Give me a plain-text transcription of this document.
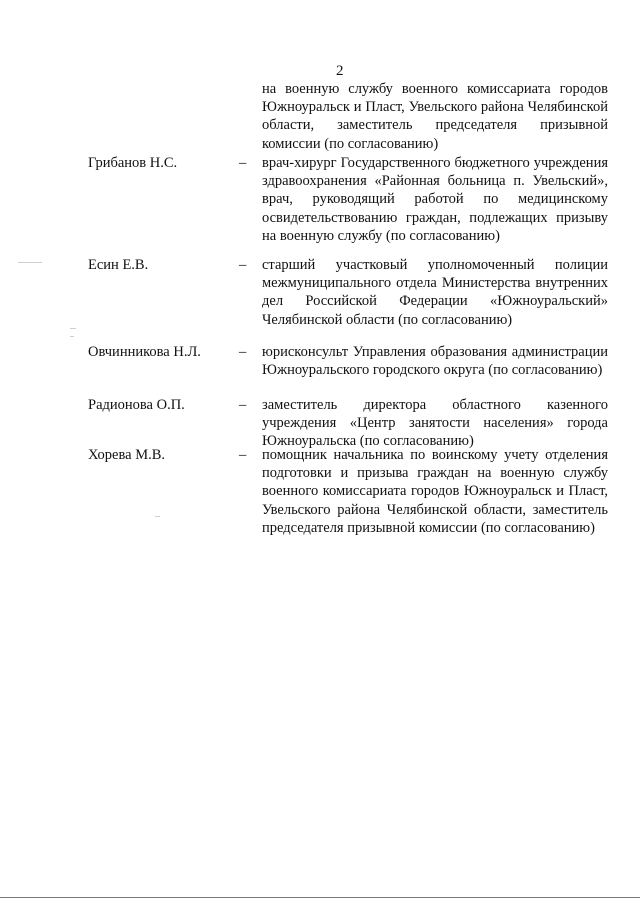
2
на военную службу военного комиссариата городов Южноуральск и Пласт, Увельского района Челябинской области, заместитель председателя призывной комиссии (по согласованию)
Грибанов Н.С.	– врач-хирург Государственного бюджетного учреждения здравоохранения «Районная больница п. Увельский», врач, руководящий работой по медицинскому освидетельствованию граждан, подлежащих призыву на военную службу (по согласованию)
Есин Е.В.	– старший участковый уполномоченный полиции межмуниципального отдела Министерства внутренних дел Российской Федерации «Южноуральский» Челябинской области (по согласованию)
Овчинникова Н.Л.	– юрисконсульт Управления образования администрации Южноуральского городского округа (по согласованию)
Радионова О.П.	– заместитель директора областного казенного учреждения «Центр занятости населения» города Южноуральска (по согласованию)
Хорева М.В.	– помощник начальника по воинскому учету отделения подготовки и призыва граждан на военную службу военного комиссариата городов Южноуральск и Пласт, Увельского района Челябинской области, заместитель председателя призывной комиссии (по согласованию)
